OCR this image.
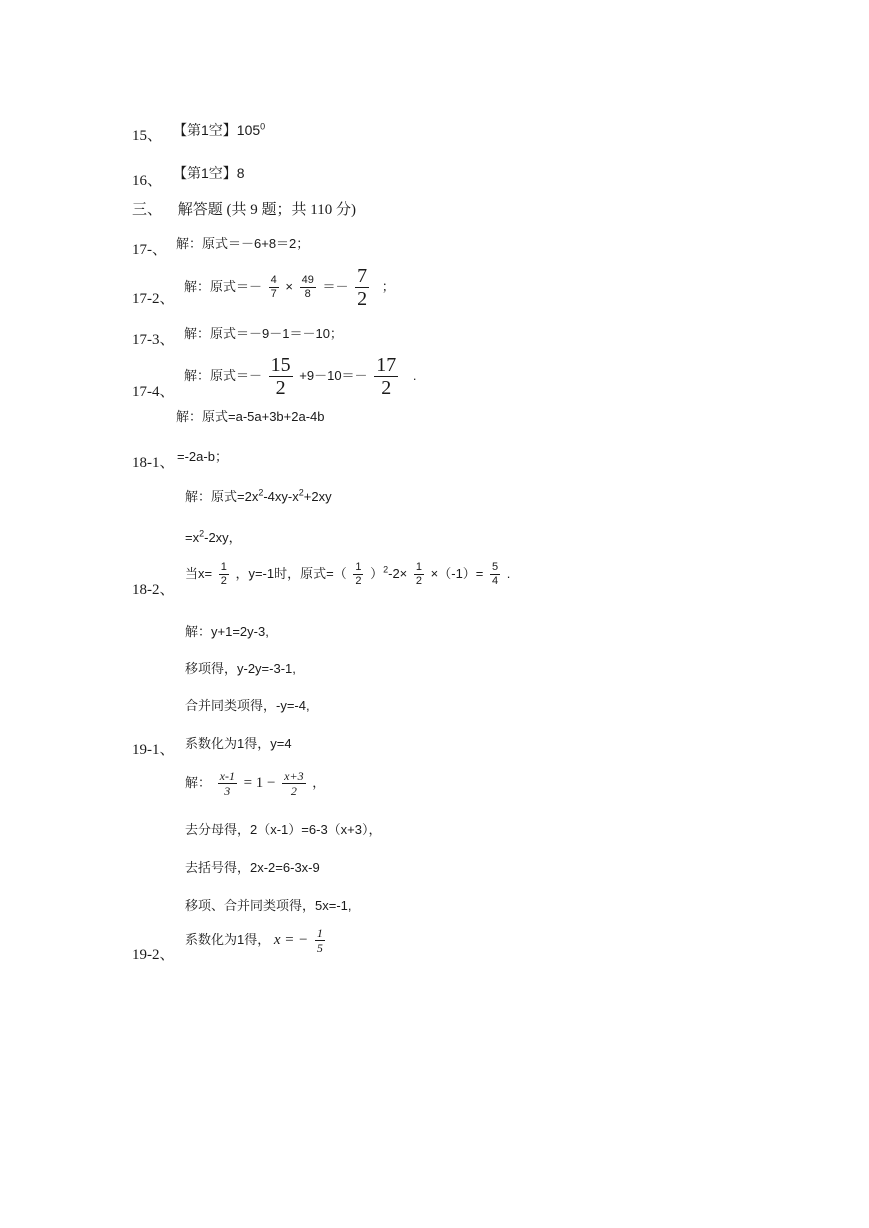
15、 【第1空】$105^0$
16、 【第1空】8
三、 解答题 (共 9 题；共 110 分)
17-、 解：原式＝－6+8＝2；
17-2、
解：原式＝－ $\frac{4}{7} \times \frac{49}{8} =- \frac{7}{2}$ ；
17-3、 解：原式＝－9－1＝－10；
17-4、
解：原式＝－ $\frac{15}{2} +9-10=- \frac{17}{2}$ .
解：原式=a-5a+3b+2a-4b
18-1、 =-2a-b；
解：原式$=2x^2-4xy-x^2+2xy$
$=x^2-2xy$，
18-2、
当$x= \frac{1}{2}$ ，y=-1时，原式=（ $\frac{1}{2} )^2-2\times \frac{1}{2} \times(-1)= \frac{5}{4}$ .
解：y+1=2y-3,
移项得，y-2y=-3-1,
合并同类项得，-y=-4,
19-1、 系数化为1得，y=4
解： $\frac{x-1}{3} = 1 - \frac{x+3}{2}$ ，
去分母得，2（x-1）=6-3（x+3），
去括号得，2x-2=6-3x-9
移项、合并同类项得，5x=-1,
19-2、
系数化为1得， x = − $\frac{1}{5}$
